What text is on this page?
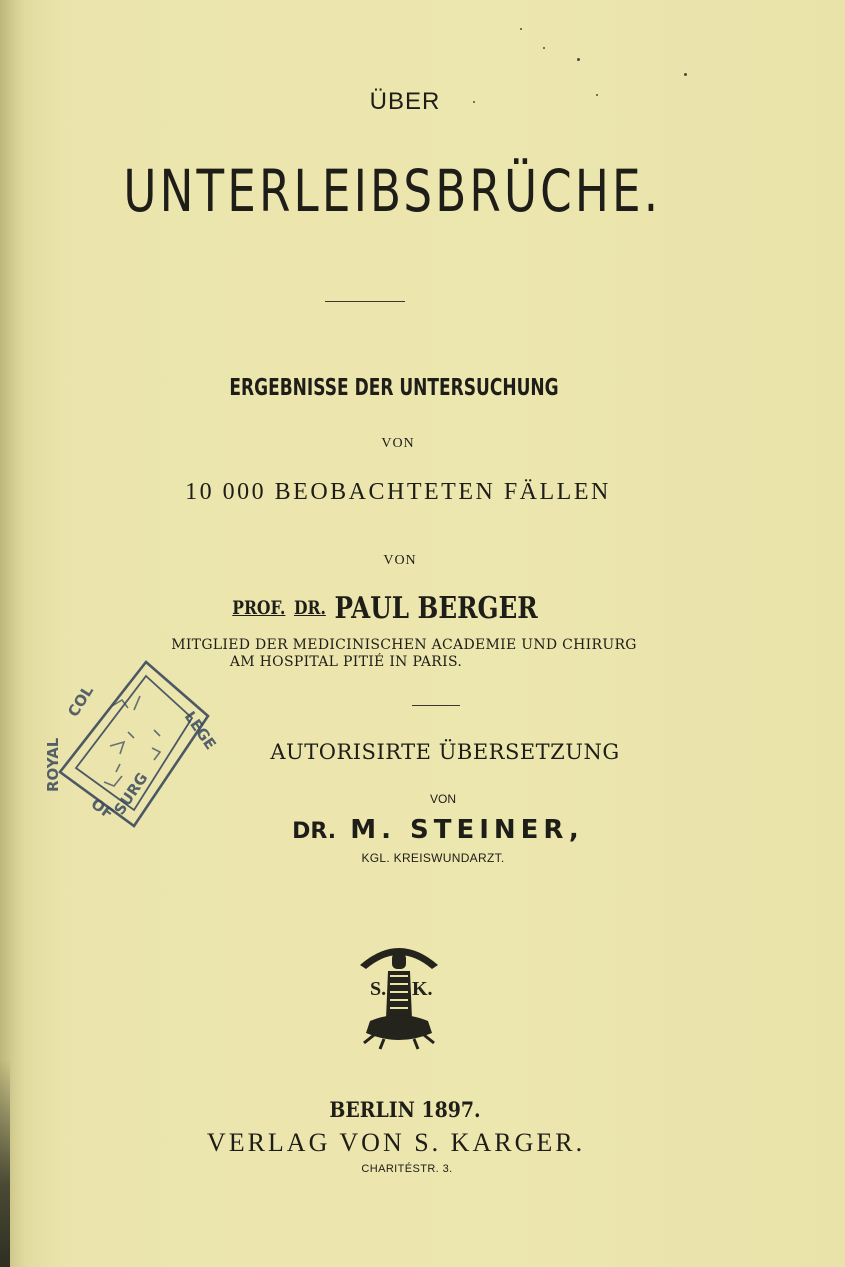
ÜBER
UNTERLEIBSBRÜCHE.
ERGEBNISSE DER UNTERSUCHUNG
VON
10 000 BEOBACHTETEN FÄLLEN
VON
PROF. DR. PAUL BERGER
MITGLIED DER MEDICINISCHEN ACADEMIE UND CHIRURG
AM HOSPITAL PITIÉ IN PARIS.
COL
ROYAL
LEGE
OF
SURG
AUTORISIRTE ÜBERSETZUNG
VON
DR. M. STEINER,
KGL. KREISWUNDARZT.
S. K.
BERLIN 1897.
VERLAG VON S. KARGER.
CHARITÉSTR. 3.
